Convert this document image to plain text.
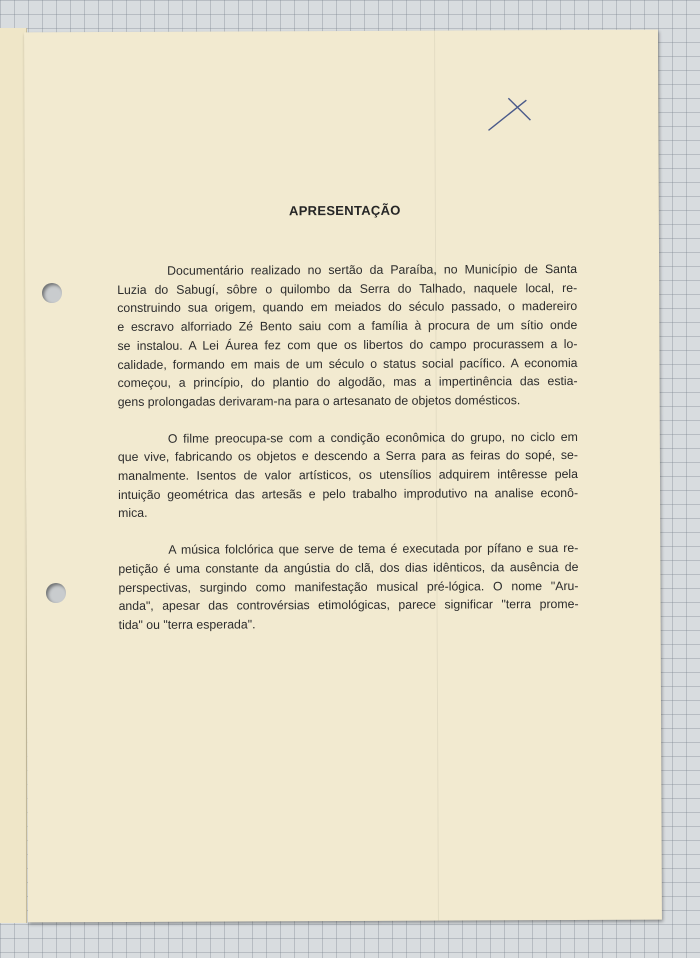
APRESENTAÇÃO

Documentário realizado no sertão da Paraíba, no Município de Santa
Luzia do Sabugí, sôbre o quilombo da Serra do Talhado, naquele local, re-
construindo sua origem, quando em meiados do século passado, o madereiro
e escravo alforriado Zé Bento saiu com a família à procura de um sítio onde
se instalou. A Lei Áurea fez com que os libertos do campo procurassem a lo-
calidade, formando em mais de um século o status social pacífico. A economia
começou, a princípio, do plantio do algodão, mas a impertinência das estia-
gens prolongadas derivaram-na para o artesanato de objetos domésticos.

O filme preocupa-se com a condição econômica do grupo, no ciclo em
que vive, fabricando os objetos e descendo a Serra para as feiras do sopé, se-
manalmente. Isentos de valor artísticos, os utensílios adquirem intêresse pela
intuição geométrica das artesãs e pelo trabalho improdutivo na analise econô-
mica.

A música folclórica que serve de tema é executada por pífano e sua re-
petição é uma constante da angústia do clã, dos dias idênticos, da ausência de
perspectivas, surgindo como manifestação musical pré-lógica. O nome "Aru-
anda", apesar das controvérsias etimológicas, parece significar "terra prome-
tida" ou "terra esperada".
